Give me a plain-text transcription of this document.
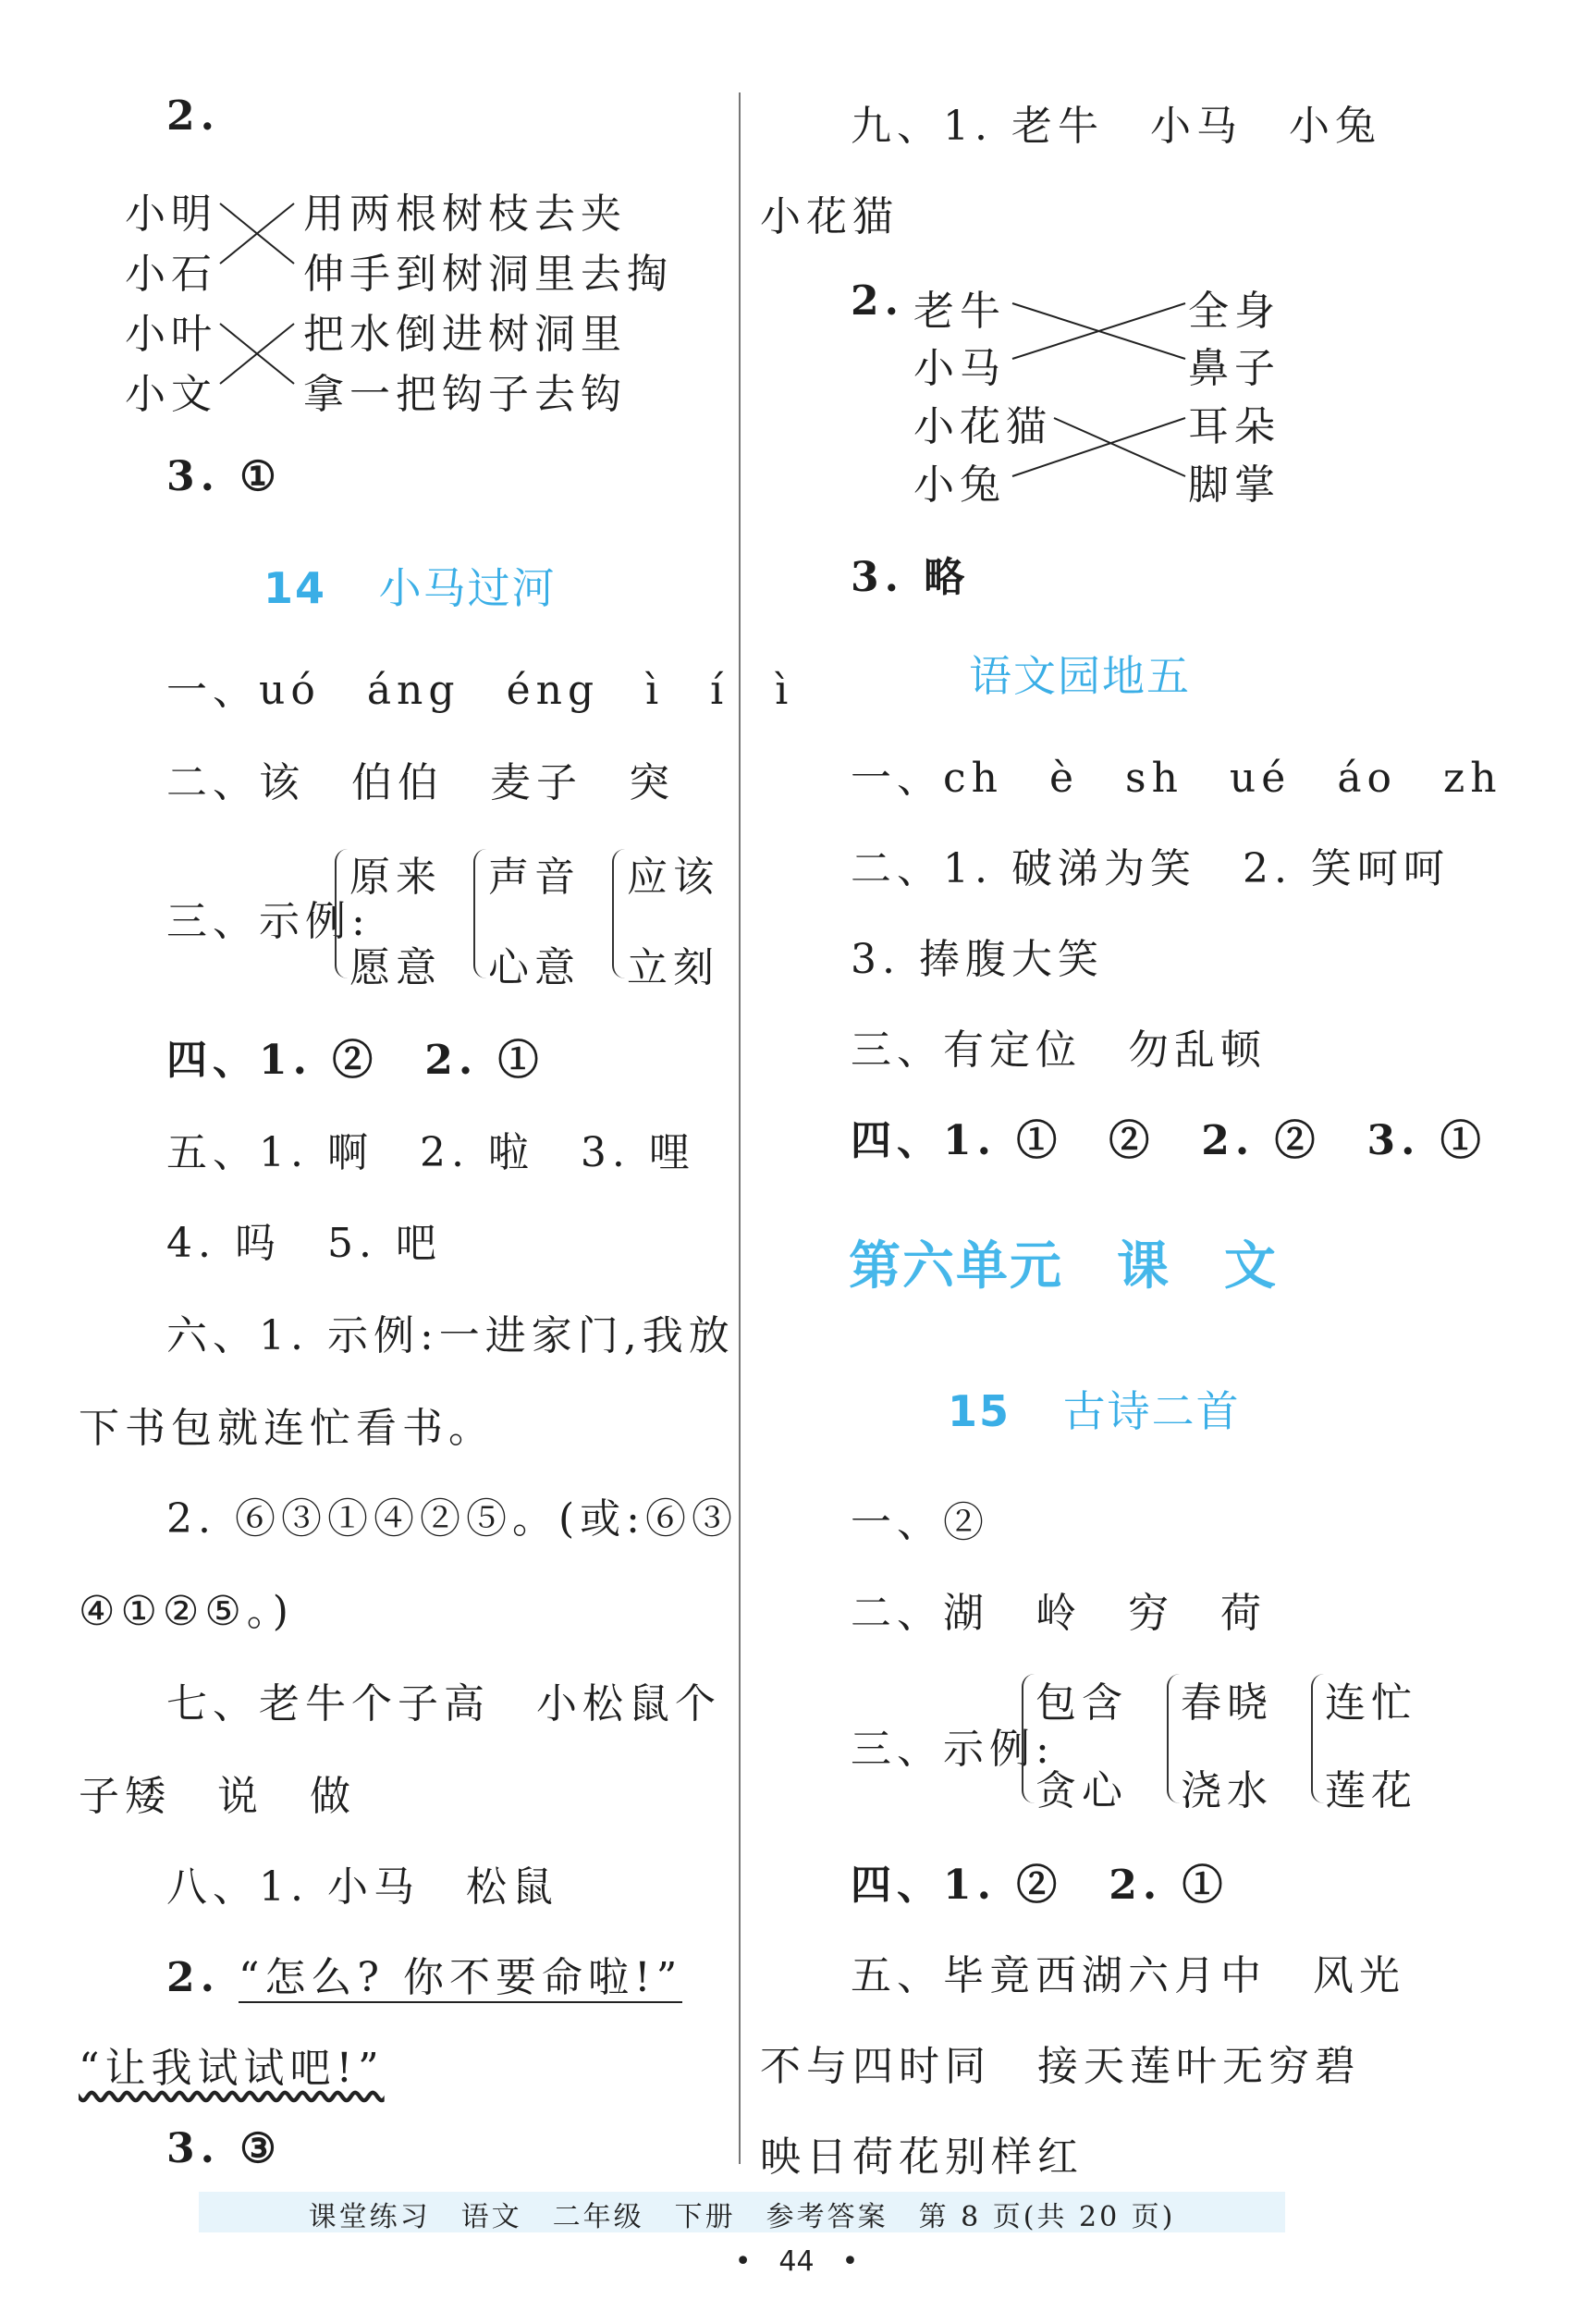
2.
小明
小石
小叶
小文
用两根树枝去夹
伸手到树洞里去掏
把水倒进树洞里
拿一把钩子去钩
3. ①
14 小马过河
一、uó　áng　éng　ì　í　ì
二、该　伯伯　麦子　突
三、示例:
原来 声音 应该
愿意 心意 立刻
四、1. ②　2. ①
五、1. 啊　2. 啦　3. 哩
4. 吗　5. 吧
六、1. 示例:一进家门,我放
下书包就连忙看书。
2. ⑥③①④②⑤。(或:⑥③
④①②⑤。)
七、老牛个子高　小松鼠个
子矮　说　做
八、1. 小马　松鼠
2. “怎么? 你不要命啦!”
“让我试试吧!”
3. ③
九、1. 老牛　小马　小兔
小花猫
2. 老牛
小马
小花猫
小兔
全身
鼻子
耳朵
脚掌
3. 略
语文园地五
一、ch　è　sh　ué　áo　zh
二、1. 破涕为笑　2. 笑呵呵
3. 捧腹大笑
三、有定位　勿乱顿
四、1. ①　②　2. ②　3. ①
第六单元　课　文
15 古诗二首
一、②
二、湖　岭　穷　荷
三、示例:
包含 春晓 连忙
贪心 浇水 莲花
四、1. ②　2. ①
五、毕竟西湖六月中　风光
不与四时同　接天莲叶无穷碧
映日荷花别样红
课堂练习　语文　二年级　下册　参考答案　第 8 页(共 20 页)
•　44　•
